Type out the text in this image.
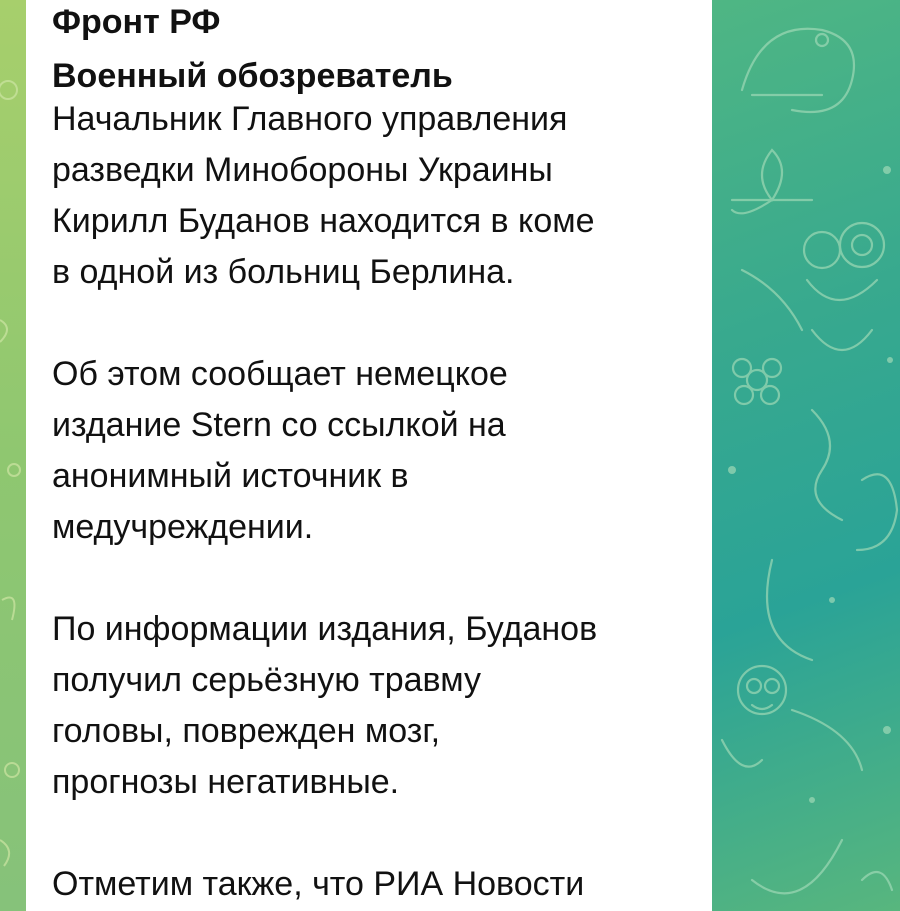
Фронт РФ
Военный обозреватель

Начальник Главного управления
разведки Минобороны Украины
Кирилл Буданов находится в коме
в одной из больниц Берлина.

Об этом сообщает немецкое
издание Stern со ссылкой на
анонимный источник в
медучреждении.

По информации издания, Буданов
получил серьёзную травму
головы, поврежден мозг,
прогнозы негативные.

Отметим также, что РИА Новости
